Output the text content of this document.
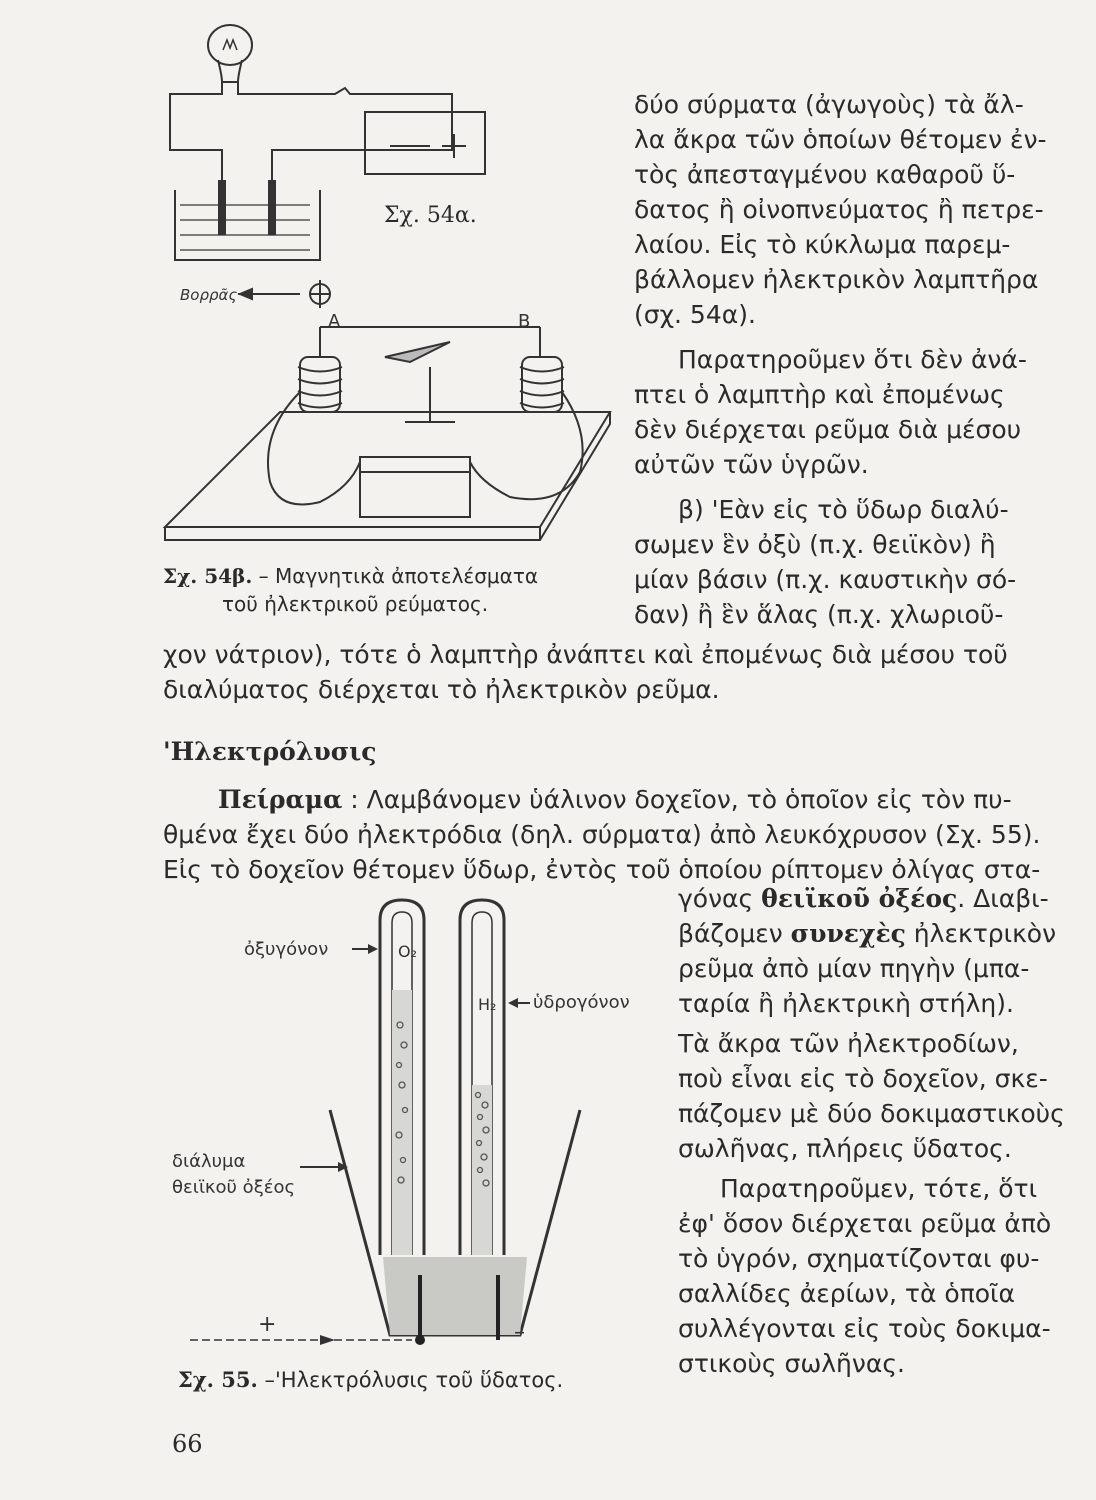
Σχ. 54α.
A	B
Βορρᾶς
Σχ. 54β. – Μαγνητικὰ ἀποτελέσματα
τοῦ ἠλεκτρικοῦ ρεύματος.
δύο σύρματα (ἀγωγοὺς) τὰ ἄλ-
λα ἄκρα τῶν ὁποίων θέτομεν ἐν-
τὸς ἀπεσταγμένου καθαροῦ ὕ-
δατος ἢ οἰνοπνεύματος ἢ πετρε-
λαίου. Εἰς τὸ κύκλωμα παρεμ-
βάλλομεν ἠλεκτρικὸν λαμπτῆρα
(σχ. 54α).
Παρατηροῦμεν ὅτι δὲν ἀνά-
πτει ὁ λαμπτὴρ καὶ ἐπομένως
δὲν διέρχεται ρεῦμα διὰ μέσου
αὐτῶν τῶν ὑγρῶν.
β) 'Εὰν εἰς τὸ ὕδωρ διαλύ-
σωμεν ἓν ὀξὺ (π.χ. θειϊκὸν) ἢ
μίαν βάσιν (π.χ. καυστικὴν σό-
δαν) ἢ ἓν ἅλας (π.χ. χλωριοῦ-
χον νάτριον), τότε ὁ λαμπτὴρ ἀνάπτει καὶ ἐπομένως διὰ μέσου τοῦ
διαλύματος διέρχεται τὸ ἠλεκτρικὸν ρεῦμα.
'Ηλεκτρόλυσις
Πείραμα : Λαμβάνομεν ὑάλινον δοχεῖον, τὸ ὁποῖον εἰς τὸν πυ-
θμένα ἔχει δύο ἠλεκτρόδια (δηλ. σύρματα) ἀπὸ λευκόχρυσον (Σχ. 55).
Εἰς τὸ δοχεῖον θέτομεν ὕδωρ, ἐντὸς τοῦ ὁποίου ρίπτομεν ὀλίγας στα-
γόνας θειϊκοῦ ὀξέος. Διαβι-
βάζομεν συνεχὲς ἠλεκτρικὸν
ρεῦμα ἀπὸ μίαν πηγὴν (μπα-
ταρία ἢ ἠλεκτρικὴ στήλη).
Τὰ ἄκρα τῶν ἠλεκτροδίων,
ποὺ εἶναι εἰς τὸ δοχεῖον, σκε-
πάζομεν μὲ δύο δοκιμαστικοὺς
σωλῆνας, πλήρεις ὕδατος.
Παρατηροῦμεν, τότε, ὅτι
ἐφ' ὅσον διέρχεται ρεῦμα ἀπὸ
τὸ ὑγρόν, σχηματίζονται φυ-
σαλλίδες ἀερίων, τὰ ὁποῖα
συλλέγονται εἰς τοὺς δοκιμα-
στικοὺς σωλῆνας.
ὀξυγόνον	O₂
H₂ ὑδρογόνον
διάλυμα
θειϊκοῦ ὀξέος
+	–
Σχ. 55. –'Ηλεκτρόλυσις τοῦ ὕδατος.
66
